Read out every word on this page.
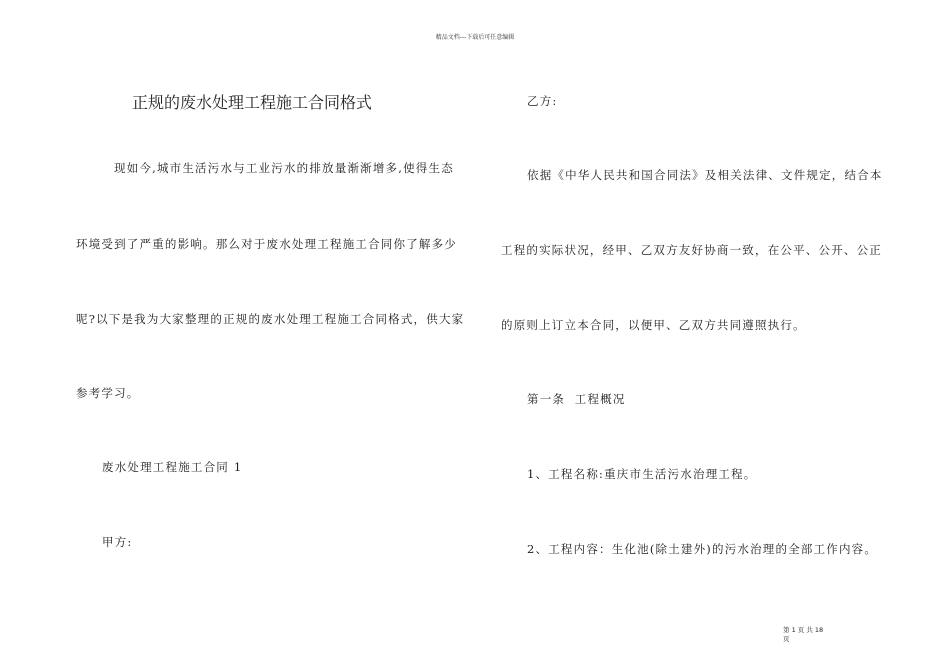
精品文档---下载后可任意编辑
正规的废水处理工程施工合同格式
现如今,城市生活污水与工业污水的排放量渐渐增多,使得生态
环境受到了严重的影响。那么对于废水处理工程施工合同你了解多少
呢?以下是我为大家整理的正规的废水处理工程施工合同格式，供大家
参考学习。
废水处理工程施工合同 1
甲方:
乙方:
依据《中华人民共和国合同法》及相关法律、文件规定，结合本
工程的实际状况，经甲、乙双方友好协商一致，在公平、公开、公正
的原则上订立本合同，以便甲、乙双方共同遵照执行。
第一条  工程概况
1、工程名称:重庆市生活污水治理工程。
2、工程内容：生化池(除土建外)的污水治理的全部工作内容。
第 1 页 共 18
页
